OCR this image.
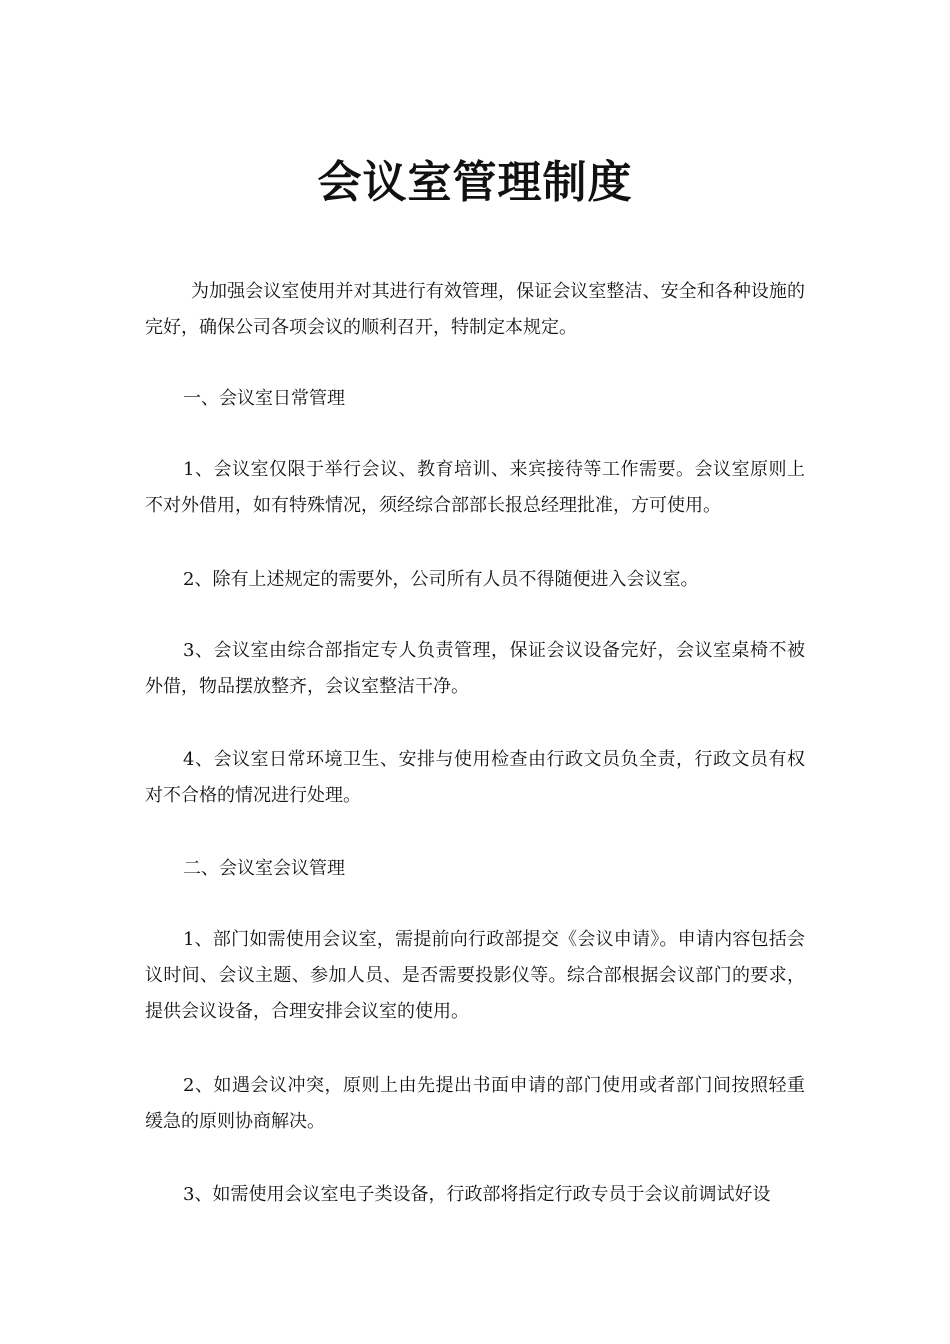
会议室管理制度

为加强会议室使用并对其进行有效管理，保证会议室整洁、安全和各种设施的完好，确保公司各项会议的顺利召开，特制定本规定。

一、会议室日常管理

1、会议室仅限于举行会议、教育培训、来宾接待等工作需要。会议室原则上不对外借用，如有特殊情况，须经综合部部长报总经理批准，方可使用。

2、除有上述规定的需要外，公司所有人员不得随便进入会议室。

3、会议室由综合部指定专人负责管理，保证会议设备完好，会议室桌椅不被外借，物品摆放整齐，会议室整洁干净。

4、会议室日常环境卫生、安排与使用检查由行政文员负全责，行政文员有权对不合格的情况进行处理。

二、会议室会议管理

1、部门如需使用会议室，需提前向行政部提交《会议申请》。申请内容包括会议时间、会议主题、参加人员、是否需要投影仪等。综合部根据会议部门的要求，提供会议设备，合理安排会议室的使用。

2、如遇会议冲突，原则上由先提出书面申请的部门使用或者部门间按照轻重缓急的原则协商解决。

3、如需使用会议室电子类设备，行政部将指定行政专员于会议前调试好设
